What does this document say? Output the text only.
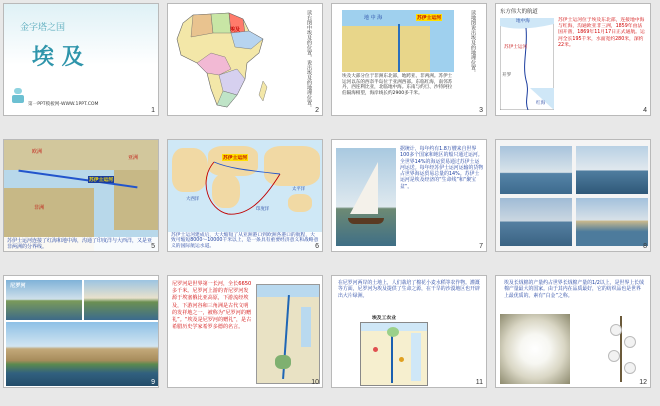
金字塔之国
埃 及
第一PPT模板网-WWW.1PPT.COM
1
埃及	读右图中埃及的位置，说出埃及的地理位置。
2
地 中 海	苏伊士运河
埃及大部分位于非洲东北部，地跨亚、非两洲。苏伊士运河以东的西奈半岛位于亚洲西部。东临红海，南邻苏丹，西连利比亚，北临地中海。东南与约旦、沙特阿拉伯隔海相望，海岸线长约2900多千米。
读地图说出埃及的地理位置。
3
东方伟大的航道
地中海
苏伊士运河
开罗
红海
苏伊士运河位于埃及东北部，连接地中海与红海，沟通欧亚非三洲，1859年由法国开凿，1869年11月17日正式通航。运河全长195千米，水面宽约280米，深约22米。
4
欧洲
亚洲
非洲
苏伊士运河
苏伊士运河连接了红海和地中海，沟通了印度洋与大西洋，又是亚非两洲的分界线。	5
大西洋
太平洋
印度洋
苏伊士运河
苏伊士运河建成后，大大缩短了从亚洲港口到欧洲各港口的航程，大致可缩短8000～10000千米以上，是一条具有重要经济意义和战略意义的国际航运水道。	6
据统计，每年约有1.8万艘来自世界100多个国家和地区的船只通过运河。全世界14%的海运贸易通过苏伊士运河运送。每年经苏伊士运河运输的货物占世界海运贸易总量的14%。苏伊士运河是埃及经济的“生命线”和“聚宝盆”。
7	8
尼罗河
9
尼罗河是世界第一长河，全长6650多千米。尼罗河上游的青尼罗河发源于埃塞俄比亚高原，下游流经埃及，下游河谷和三角洲是古代文明的发祥地之一，被称为“尼罗河的赠礼”。“埃及是尼罗河的赠礼”，是古希腊历史学家希罗多德的名言。
10
在尼罗河两岸的土地上，人们栽培了棉花小麦水稻等农作物。灌溉等方面，尼罗河为埃及提供了生命之源，在干旱的沙漠地区也开辟出大片绿洲。
埃及工农业
11
埃及长绒棉的产量约占世界长绒棉产量的1/2以上，是世界上长绒棉产量最大的国家。由于其内在品质最好，它的纺织品也是世界上最优质的。素有“白金”之称。
12
